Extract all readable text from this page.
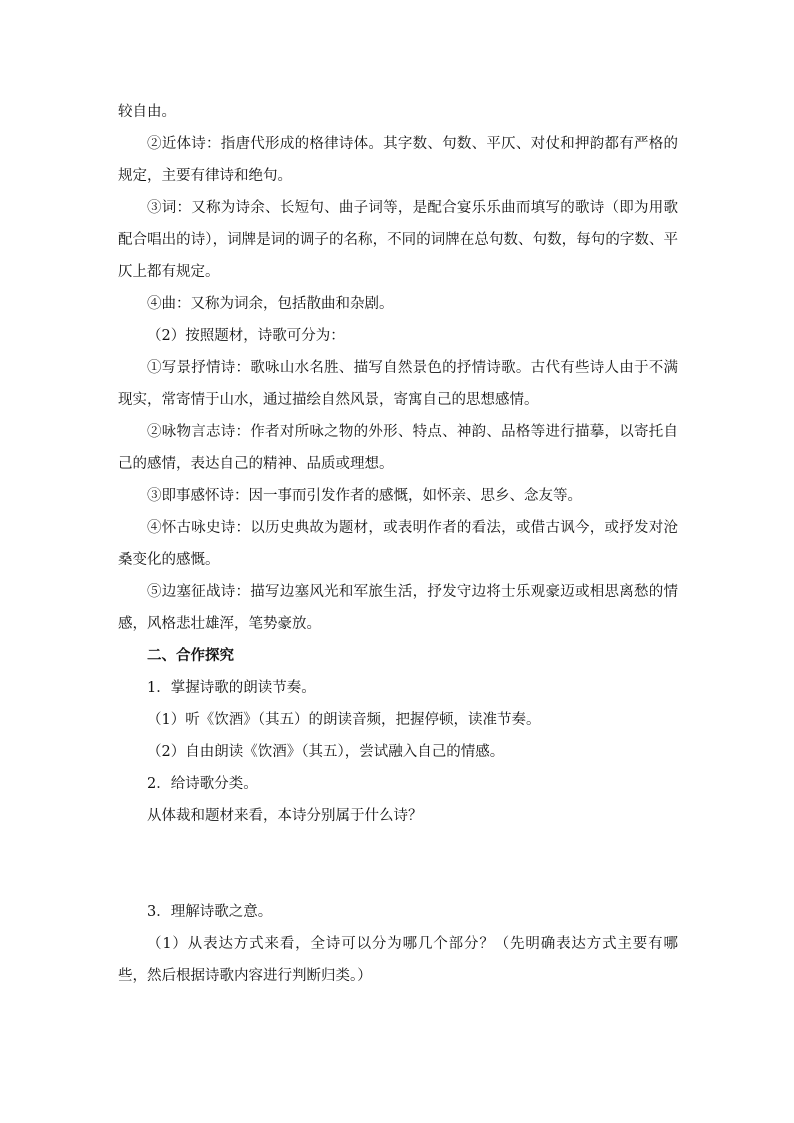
较自由。

②近体诗：指唐代形成的格律诗体。其字数、句数、平仄、对仗和押韵都有严格的规定，主要有律诗和绝句。

③词：又称为诗余、长短句、曲子词等，是配合宴乐乐曲而填写的歌诗（即为用歌配合唱出的诗），词牌是词的调子的名称，不同的词牌在总句数、句数，每句的字数、平仄上都有规定。

④曲：又称为词余，包括散曲和杂剧。

（2）按照题材，诗歌可分为：

①写景抒情诗：歌咏山水名胜、描写自然景色的抒情诗歌。古代有些诗人由于不满现实，常寄情于山水，通过描绘自然风景，寄寓自己的思想感情。

②咏物言志诗：作者对所咏之物的外形、特点、神韵、品格等进行描摹，以寄托自己的感情，表达自己的精神、品质或理想。

③即事感怀诗：因一事而引发作者的感慨，如怀亲、思乡、念友等。

④怀古咏史诗：以历史典故为题材，或表明作者的看法，或借古讽今，或抒发对沧桑变化的感慨。

⑤边塞征战诗：描写边塞风光和军旅生活，抒发守边将士乐观豪迈或相思离愁的情感，风格悲壮雄浑，笔势豪放。

二、合作探究

1．掌握诗歌的朗读节奏。

（1）听《饮酒》（其五）的朗读音频，把握停顿，读准节奏。

（2）自由朗读《饮酒》（其五），尝试融入自己的情感。

2．给诗歌分类。

从体裁和题材来看，本诗分别属于什么诗？

3．理解诗歌之意。

（1）从表达方式来看，全诗可以分为哪几个部分？（先明确表达方式主要有哪些，然后根据诗歌内容进行判断归类。）
